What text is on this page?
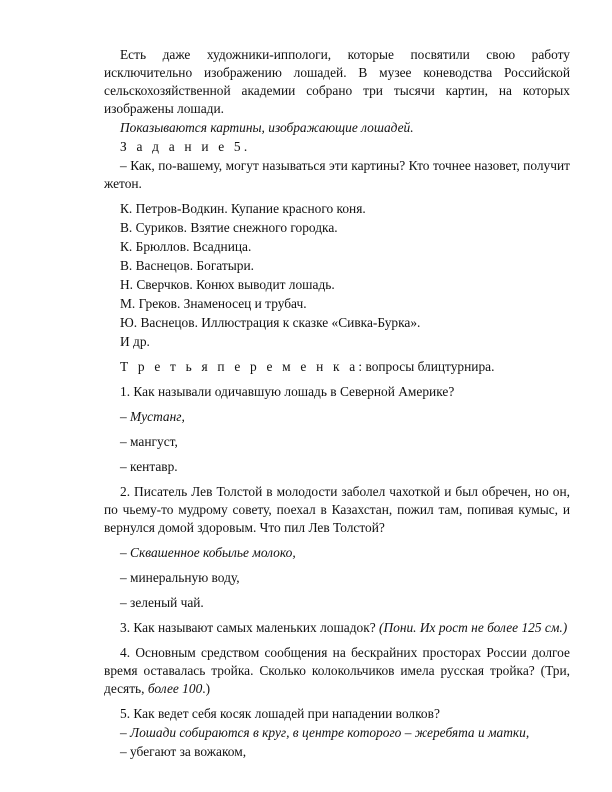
Есть даже художники-иппологи, которые посвятили свою работу исключительно изображению лошадей. В музее коневодства Российской сельскохозяйственной академии собрано три тысячи картин, на которых изображены лошади.

Показываются картины, изображающие лошадей.

З а д а н и е 5.

– Как, по-вашему, могут называться эти картины? Кто точнее назовет, получит жетон.

К. Петров-Водкин. Купание красного коня.

В. Суриков. Взятие снежного городка.

К. Брюллов. Всадница.

В. Васнецов. Богатыри.

Н. Сверчков. Конюх выводит лошадь.

М. Греков. Знаменосец и трубач.

Ю. Васнецов. Иллюстрация к сказке «Сивка-Бурка».

И др.

Т р е т ь я п е р е м е н к а: вопросы блицтурнира.

1. Как называли одичавшую лошадь в Северной Америке?

– Мустанг,

– мангуст,

– кентавр.

2. Писатель Лев Толстой в молодости заболел чахоткой и был обречен, но он, по чьему-то мудрому совету, поехал в Казахстан, пожил там, попивая кумыс, и вернулся домой здоровым. Что пил Лев Толстой?

– Сквашенное кобылье молоко,

– минеральную воду,

– зеленый чай.

3. Как называют самых маленьких лошадок? (Пони. Их рост не более 125 см.)

4. Основным средством сообщения на бескрайних просторах России долгое время оставалась тройка. Сколько колокольчиков имела русская тройка? (Три, десять, более 100.)

5. Как ведет себя косяк лошадей при нападении волков?

– Лошади собираются в круг, в центре которого – жеребята и матки,

– убегают за вожаком,
